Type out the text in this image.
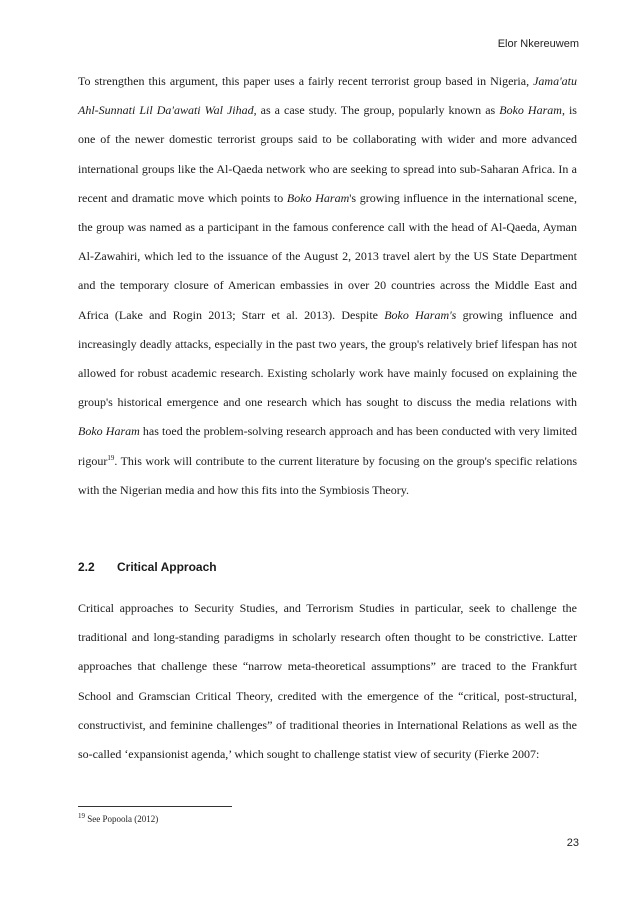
Elor Nkereuwem
To strengthen this argument, this paper uses a fairly recent terrorist group based in Nigeria, Jama'atu Ahl-Sunnati Lil Da'awati Wal Jihad, as a case study. The group, popularly known as Boko Haram, is one of the newer domestic terrorist groups said to be collaborating with wider and more advanced international groups like the Al-Qaeda network who are seeking to spread into sub-Saharan Africa. In a recent and dramatic move which points to Boko Haram's growing influence in the international scene, the group was named as a participant in the famous conference call with the head of Al-Qaeda, Ayman Al-Zawahiri, which led to the issuance of the August 2, 2013 travel alert by the US State Department and the temporary closure of American embassies in over 20 countries across the Middle East and Africa (Lake and Rogin 2013; Starr et al. 2013). Despite Boko Haram's growing influence and increasingly deadly attacks, especially in the past two years, the group's relatively brief lifespan has not allowed for robust academic research. Existing scholarly work have mainly focused on explaining the group's historical emergence and one research which has sought to discuss the media relations with Boko Haram has toed the problem-solving research approach and has been conducted with very limited rigour$^{19}$. This work will contribute to the current literature by focusing on the group's specific relations with the Nigerian media and how this fits into the Symbiosis Theory.
2.2 Critical Approach
Critical approaches to Security Studies, and Terrorism Studies in particular, seek to challenge the traditional and long-standing paradigms in scholarly research often thought to be constrictive. Latter approaches that challenge these “narrow meta-theoretical assumptions” are traced to the Frankfurt School and Gramscian Critical Theory, credited with the emergence of the “critical, post-structural, constructivist, and feminine challenges” of traditional theories in International Relations as well as the so-called ‘expansionist agenda,’ which sought to challenge statist view of security (Fierke 2007:
$^{19}$ See Popoola (2012)
23
